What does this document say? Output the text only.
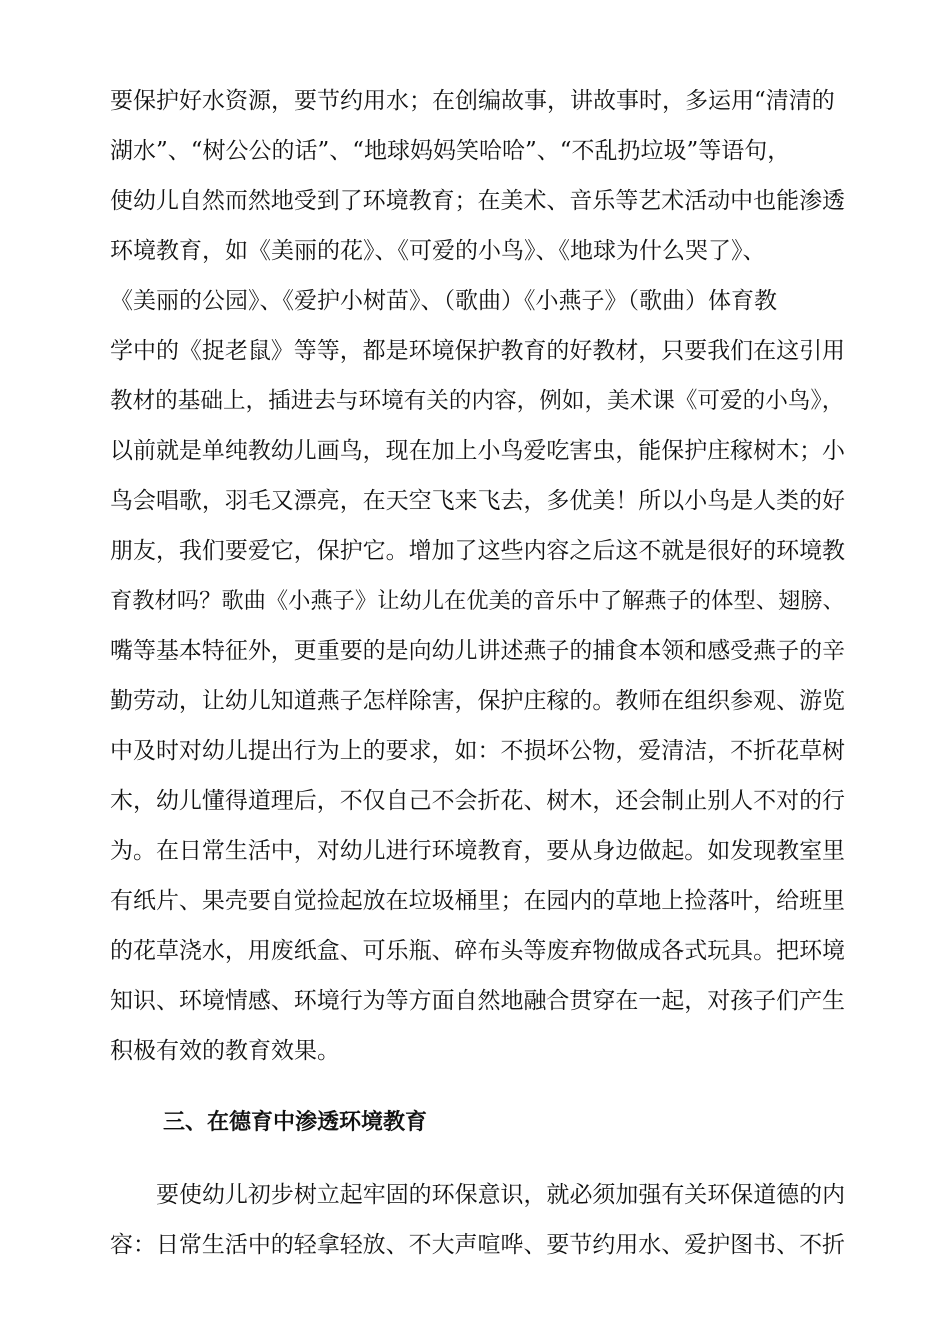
要保护好水资源，要节约用水；在创编故事，讲故事时，多运用“清清的
湖水”、“树公公的话”、“地球妈妈笑哈哈”、“不乱扔垃圾”等语句，
使幼儿自然而然地受到了环境教育；在美术、音乐等艺术活动中也能渗透
环境教育，如《美丽的花》、《可爱的小鸟》、《地球为什么哭了》、
《美丽的公园》、《爱护小树苗》、（歌曲）《小燕子》（歌曲）体育教
学中的《捉老鼠》等等，都是环境保护教育的好教材，只要我们在这引用
教材的基础上，插进去与环境有关的内容，例如，美术课《可爱的小鸟》，
以前就是单纯教幼儿画鸟，现在加上小鸟爱吃害虫，能保护庄稼树木；小
鸟会唱歌，羽毛又漂亮，在天空飞来飞去，多优美！所以小鸟是人类的好
朋友，我们要爱它，保护它。增加了这些内容之后这不就是很好的环境教
育教材吗？歌曲《小燕子》让幼儿在优美的音乐中了解燕子的体型、翅膀、
嘴等基本特征外，更重要的是向幼儿讲述燕子的捕食本领和感受燕子的辛
勤劳动，让幼儿知道燕子怎样除害，保护庄稼的。教师在组织参观、游览
中及时对幼儿提出行为上的要求，如：不损坏公物，爱清洁，不折花草树
木，幼儿懂得道理后，不仅自己不会折花、树木，还会制止别人不对的行
为。在日常生活中，对幼儿进行环境教育，要从身边做起。如发现教室里
有纸片、果壳要自觉捡起放在垃圾桶里；在园内的草地上捡落叶，给班里
的花草浇水，用废纸盒、可乐瓶、碎布头等废弃物做成各式玩具。把环境
知识、环境情感、环境行为等方面自然地融合贯穿在一起，对孩子们产生
积极有效的教育效果。
三、在德育中渗透环境教育
要使幼儿初步树立起牢固的环保意识，就必须加强有关环保道德的内
容：日常生活中的轻拿轻放、不大声喧哗、要节约用水、爱护图书、不折
